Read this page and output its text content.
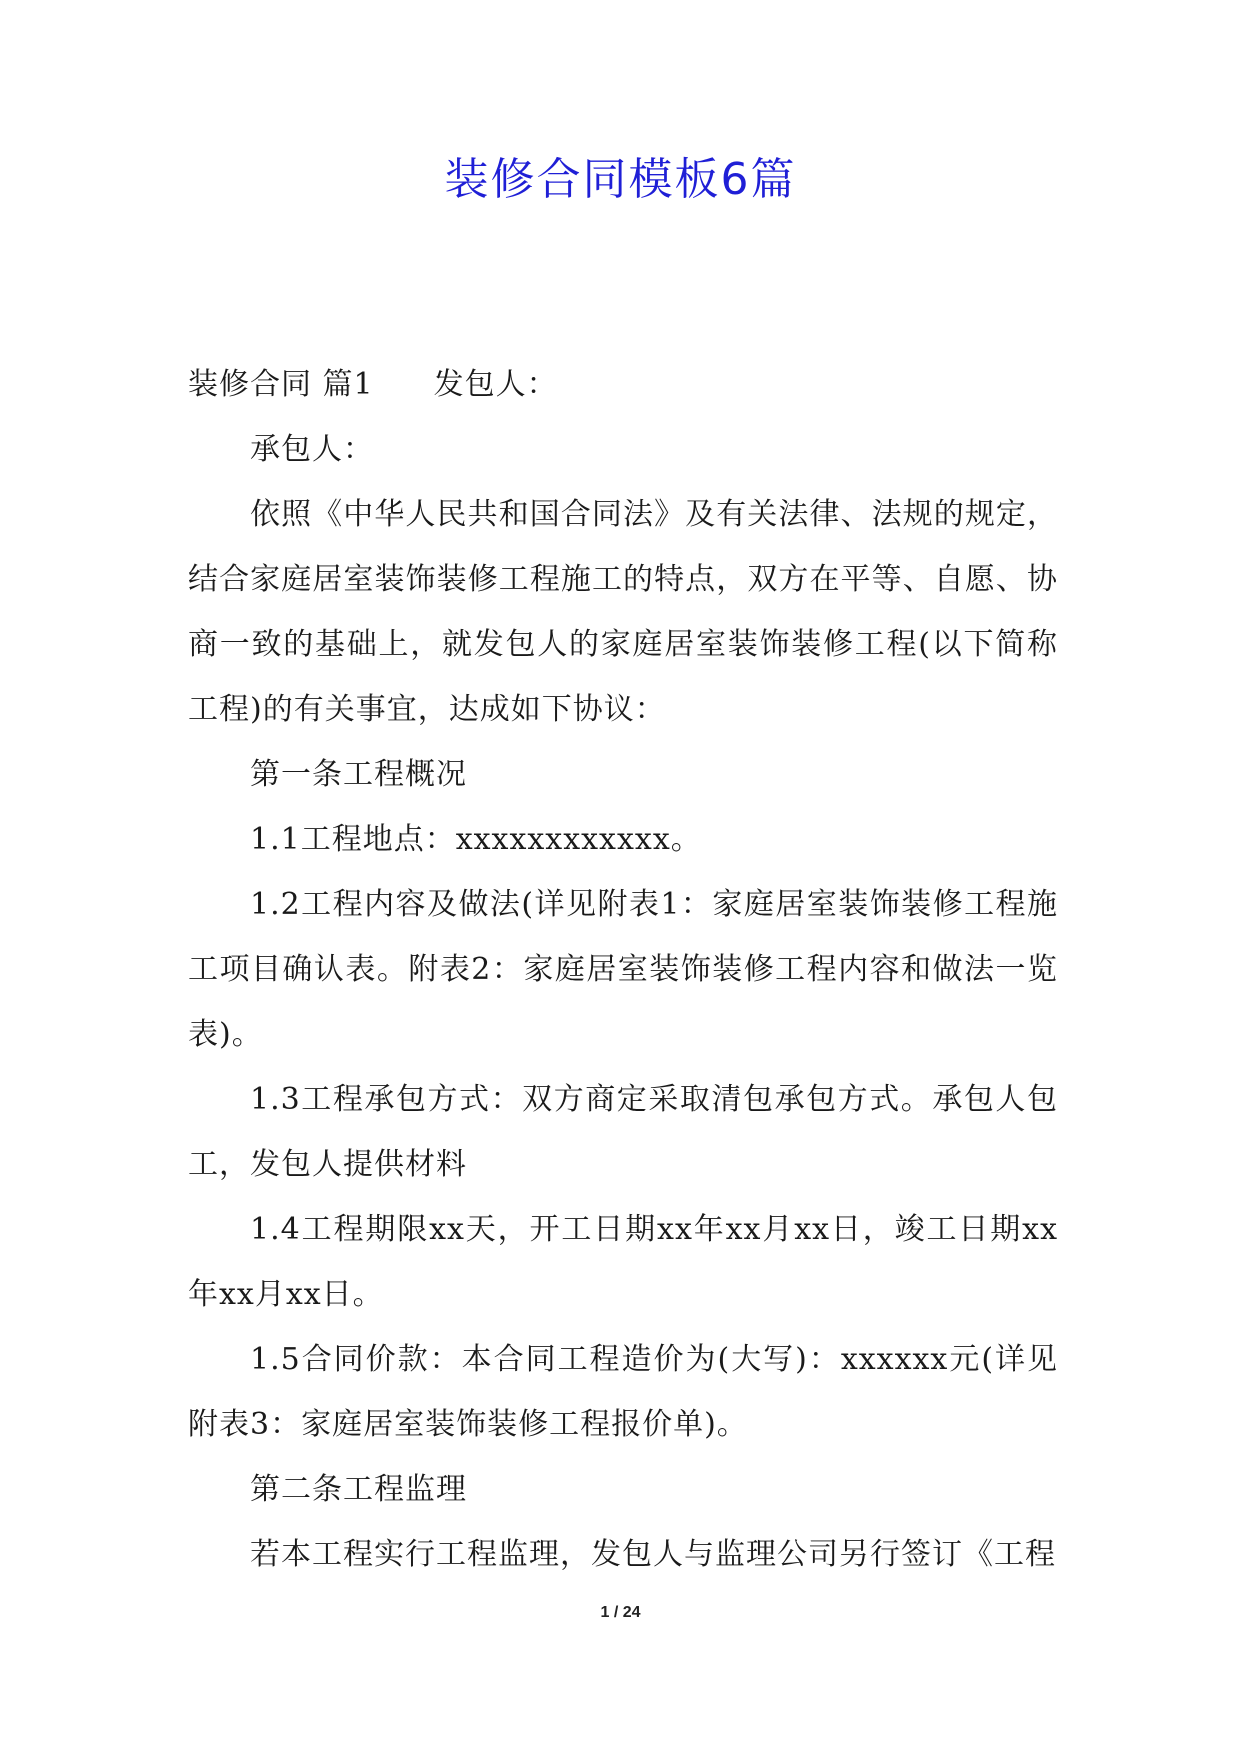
装修合同模板6篇

装修合同 篇1 发包人：

承包人：

依照《中华人民共和国合同法》及有关法律、法规的规定，结合家庭居室装饰装修工程施工的特点，双方在平等、自愿、协商一致的基础上，就发包人的家庭居室装饰装修工程(以下简称工程)的有关事宜，达成如下协议：

第一条工程概况

1.1工程地点：xxxxxxxxxxxx。

1.2工程内容及做法(详见附表1：家庭居室装饰装修工程施工项目确认表。附表2：家庭居室装饰装修工程内容和做法一览表)。

1.3工程承包方式：双方商定采取清包承包方式。承包人包工，发包人提供材料

1.4工程期限xx天，开工日期xx年xx月xx日，竣工日期xx年xx月xx日。

1.5合同价款：本合同工程造价为(大写)：xxxxxx元(详见附表3：家庭居室装饰装修工程报价单)。

第二条工程监理

若本工程实行工程监理，发包人与监理公司另行签订《工程

1 / 24
